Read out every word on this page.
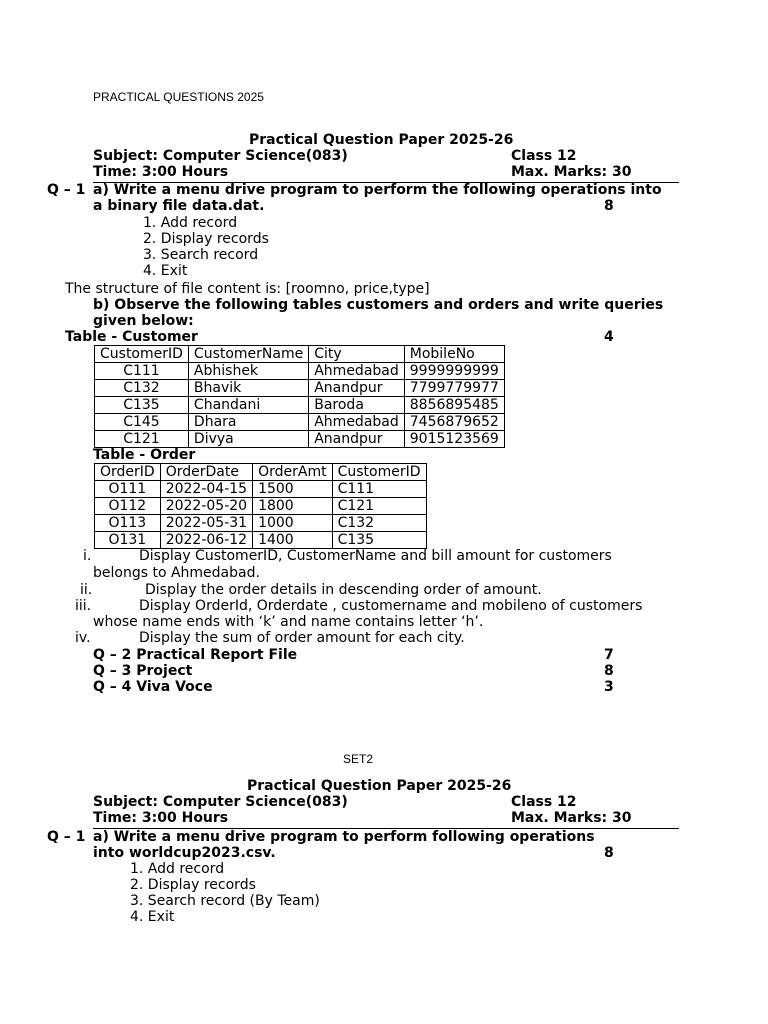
PRACTICAL QUESTIONS 2025
Practical Question Paper 2025-26
Subject: Computer Science(083)	Class 12
Time: 3:00 Hours	Max. Marks: 30
Q – 1 a) Write a menu drive program to perform the following operations into
a binary file data.dat.	8
1. Add record
2. Display records
3. Search record
4. Exit
The structure of file content is: [roomno, price,type]
b) Observe the following tables customers and orders and write queries
given below:
Table - Customer	4
CustomerID	CustomerName	City	MobileNo
C111	Abhishek	Ahmedabad	9999999999
C132	Bhavik	Anandpur	7799779977
C135	Chandani	Baroda	8856895485
C145	Dhara	Ahmedabad	7456879652
C121	Divya	Anandpur	9015123569
Table - Order
OrderID	OrderDate	OrderAmt	CustomerID
O111	2022-04-15	1500	C111
O112	2022-05-20	1800	C121
O113	2022-05-31	1000	C132
O131	2022-06-12	1400	C135
i.	Display CustomerID, CustomerName and bill amount for customers
belongs to Ahmedabad.
ii.	Display the order details in descending order of amount.
iii.	Display OrderId, Orderdate , customername and mobileno of customers
whose name ends with ‘k’ and name contains letter ‘h’.
iv.	Display the sum of order amount for each city.
Q – 2 Practical Report File	7
Q – 3 Project	8
Q – 4 Viva Voce	3
SET2
Practical Question Paper 2025-26
Subject: Computer Science(083)	Class 12
Time: 3:00 Hours	Max. Marks: 30
Q – 1 a) Write a menu drive program to perform following operations
into worldcup2023.csv.	8
1. Add record
2. Display records
3. Search record (By Team)
4. Exit
